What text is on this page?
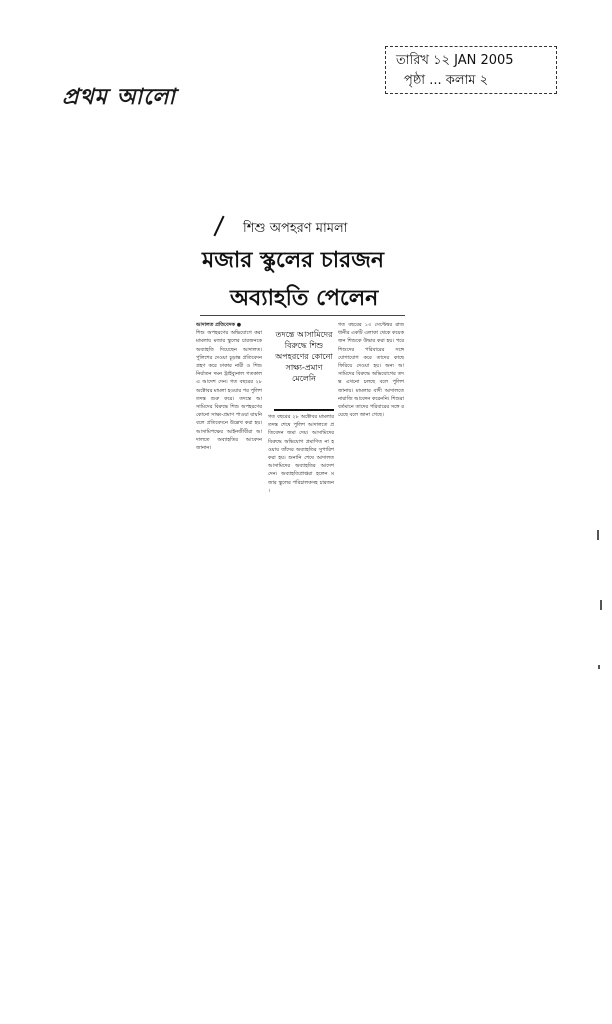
প্রথম আলো
তারিখ ১২ JAN 2005
পৃষ্ঠা ... কলাম ২
শিশু অপহরণ মামলা
মজার স্কুলের চারজন
অব্যাহতি পেলেন
আদালত প্রতিবেদক ●
শিশু অপহরণের অভিযোগে করা মামলায় মজার স্কুলের চারজনকে অব্যাহতি দিয়েছেন আদালত। পুলিশের দেওয়া চূড়ান্ত প্রতিবেদন গ্রহণ করে ঢাকার নারী ও শিশু নির্যাতন দমন ট্রাইব্যুনাল গতকাল এ আদেশ দেন। গত বছরের ২৮ অক্টোবর মামলা হওয়ার পর পুলিশ তদন্ত শুরু করে। তদন্তে আসামিদের বিরুদ্ধে শিশু অপহরণের কোনো সাক্ষ্য-প্রমাণ পাওয়া যায়নি বলে প্রতিবেদনে উল্লেখ করা হয়। আসামিপক্ষের আইনজীবীরা আদালতে অব্যাহতির আবেদন জানান।
গত বছরের ২৮ অক্টোবর মামলার তদন্ত শেষে পুলিশ আদালতে প্রতিবেদন জমা দেয়। আসামিদের বিরুদ্ধে অভিযোগ প্রমাণিত না হওয়ায় তাঁদের অব্যাহতির সুপারিশ করা হয়। শুনানি শেষে আদালত আসামিদের অব্যাহতির আদেশ দেন। অব্যাহতিপ্রাপ্তরা হলেন মজার স্কুলের পরিচালকসহ চারজন।
তদন্তে আসামিদের বিরুদ্ধে শিশু অপহরণের কোনো সাক্ষ্য-প্রমাণ মেলেনি
গত বছরের ১৩ সেপ্টেম্বর রাজধানীর একটি এলাকা থেকে কয়েকজন শিশুকে উদ্ধার করা হয়। পরে শিশুদের পরিবারের সঙ্গে যোগাযোগ করে তাদের কাছে ফিরিয়ে দেওয়া হয়। অন্য আসামিদের বিরুদ্ধে অভিযোগের তদন্ত এখনো চলছে বলে পুলিশ জানায়। মামলার বাদী আদালতে নারাজি আবেদন করেননি। শিশুরা বর্তমানে তাদের পরিবারের সঙ্গে রয়েছে বলে জানা গেছে।
